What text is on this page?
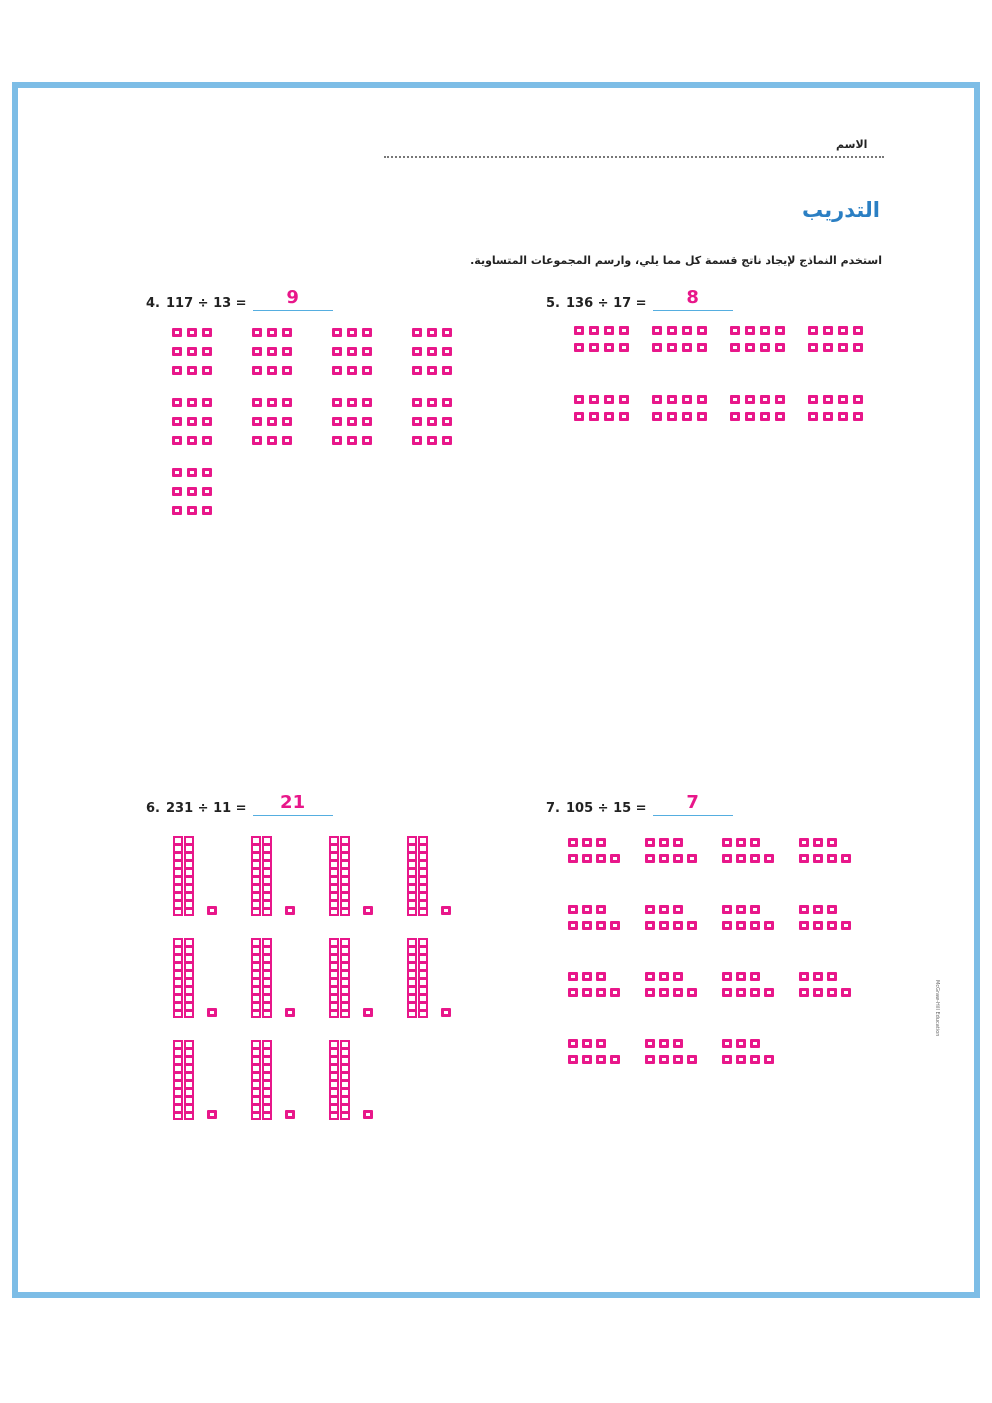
الاسم
التدريب
استخدم النماذج لإيجاد ناتج قسمة كل مما يلي، وارسم المجموعات المتساوية.
4. 117 ÷ 13 =	9	5. 136 ÷ 17 =	8
6. 231 ÷ 11 =	21	7. 105 ÷ 15 =	7
McGraw-Hill Education
